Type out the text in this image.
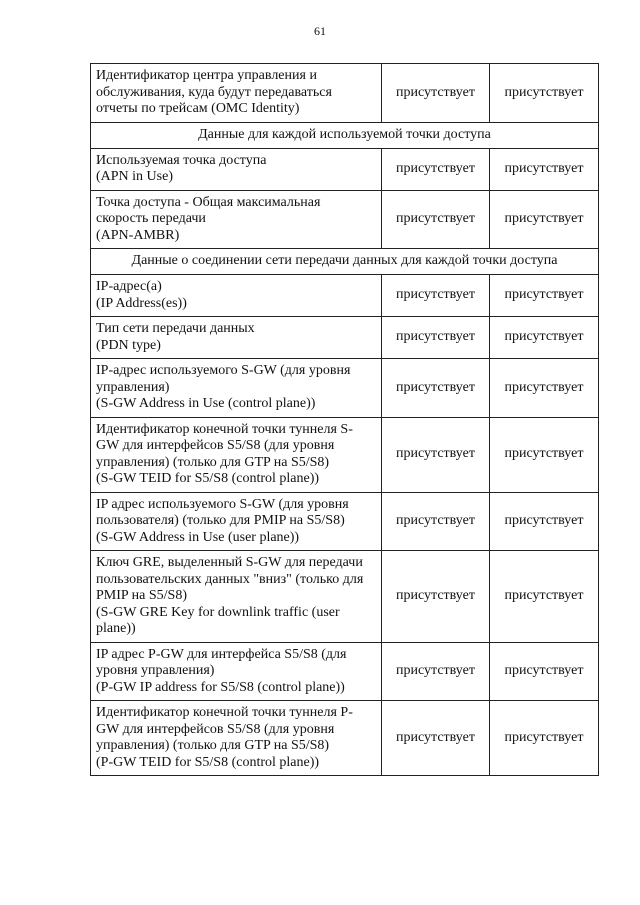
61
Идентификатор центра управления и
обслуживания, куда будут передаваться
отчеты по трейсам (OMC Identity)	присутствует	присутствует
Данные для каждой используемой точки доступа		

Используемая точка доступа
(APN in Use)	присутствует	присутствует

Точка доступа - Общая максимальная
скорость передачи
(APN-AMBR)	присутствует	присутствует
Данные о соединении сети передачи данных для каждой точки доступа		

IP-адрес(а)
(IP Address(es))	присутствует	присутствует

Тип сети передачи данных
(PDN type)	присутствует	присутствует

IP-адрес используемого S-GW (для уровня
управления)
(S-GW Address in Use (control plane))	присутствует	присутствует

Идентификатор конечной точки туннеля S-
GW для интерфейсов S5/S8 (для уровня
управления) (только для GTP на S5/S8)
(S-GW TEID for S5/S8 (control plane))	присутствует	присутствует

IP адрес используемого S-GW (для уровня
пользователя) (только для PMIP на S5/S8)
(S-GW Address in Use (user plane))	присутствует	присутствует

Ключ GRE, выделенный S-GW для передачи
пользовательских данных "вниз" (только для
PMIP на S5/S8)
(S-GW GRE Key for downlink traffic (user
plane))	присутствует	присутствует

IP адрес P-GW для интерфейса S5/S8 (для
уровня управления)
(P-GW IP address for S5/S8 (control plane))	присутствует	присутствует

Идентификатор конечной точки туннеля P-
GW для интерфейсов S5/S8 (для уровня
управления) (только для GTP на S5/S8)
(P-GW TEID for S5/S8 (control plane))	присутствует	присутствует
